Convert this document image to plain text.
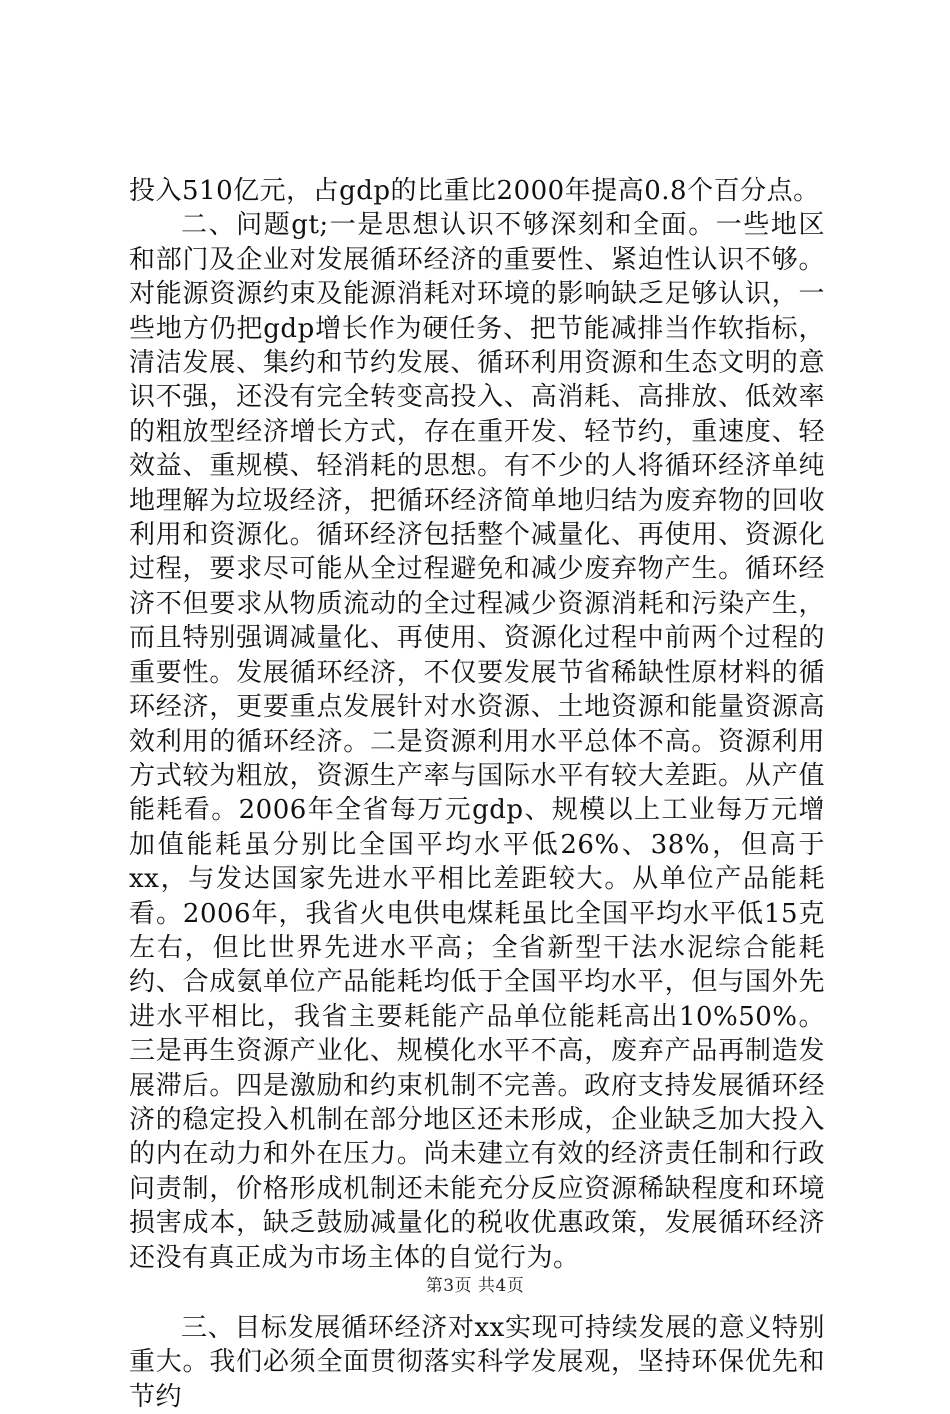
投入510亿元，占gdp的比重比2000年提高0.8个百分点。

二、问题gt;一是思想认识不够深刻和全面。一些地区和部门及企业对发展循环经济的重要性、紧迫性认识不够。对能源资源约束及能源消耗对环境的影响缺乏足够认识，一些地方仍把gdp增长作为硬任务、把节能减排当作软指标，清洁发展、集约和节约发展、循环利用资源和生态文明的意识不强，还没有完全转变高投入、高消耗、高排放、低效率的粗放型经济增长方式，存在重开发、轻节约，重速度、轻效益、重规模、轻消耗的思想。有不少的人将循环经济单纯地理解为垃圾经济，把循环经济简单地归结为废弃物的回收利用和资源化。循环经济包括整个减量化、再使用、资源化过程，要求尽可能从全过程避免和减少废弃物产生。循环经济不但要求从物质流动的全过程减少资源消耗和污染产生，而且特别强调减量化、再使用、资源化过程中前两个过程的重要性。发展循环经济，不仅要发展节省稀缺性原材料的循环经济，更要重点发展针对水资源、土地资源和能量资源高效利用的循环经济。二是资源利用水平总体不高。资源利用方式较为粗放，资源生产率与国际水平有较大差距。从产值能耗看。2006年全省每万元gdp、规模以上工业每万元增加值能耗虽分别比全国平均水平低26%、38%，但高于xx，与发达国家先进水平相比差距较大。从单位产品能耗看。2006年，我省火电供电煤耗虽比全国平均水平低15克左右，但比世界先进水平高；全省新型干法水泥综合能耗约、合成氨单位产品能耗均低于全国平均水平，但与国外先进水平相比，我省主要耗能产品单位能耗高出10%50%。三是再生资源产业化、规模化水平不高，废弃产品再制造发展滞后。四是激励和约束机制不完善。政府支持发展循环经济的稳定投入机制在部分地区还未形成，企业缺乏加大投入的内在动力和外在压力。尚未建立有效的经济责任制和行政问责制，价格形成机制还未能充分反应资源稀缺程度和环境损害成本，缺乏鼓励减量化的税收优惠政策，发展循环经济还没有真正成为市场主体的自觉行为。

三、目标发展循环经济对xx实现可持续发展的意义特别重大。我们必须全面贯彻落实科学发展观，坚持环保优先和节约

第3页 共4页
